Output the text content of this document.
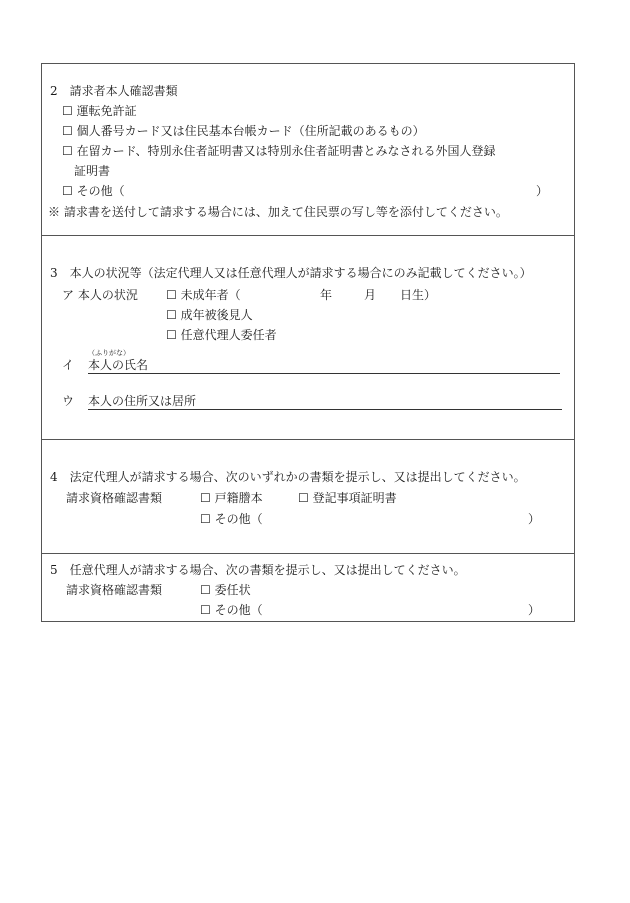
2　請求者本人確認書類
☐ 運転免許証
☐ 個人番号カード又は住民基本台帳カード（住所記載のあるもの）
☐ 在留カード、特別永住者証明書又は特別永住者証明書とみなされる外国人登録
証明書
☐ その他（	）
※ 請求書を送付して請求する場合には、加えて住民票の写し等を添付してください。
3　本人の状況等（法定代理人又は任意代理人が請求する場合にのみ記載してください。）
ア 本人の状況 ☐ 未成年者（	年	月 日生）
☐ 成年被後見人
☐ 任意代理人委任者
（ふりがな）
イ 本人の氏名
ウ 本人の住所又は居所
4　法定代理人が請求する場合、次のいずれかの書類を提示し、又は提出してください。
請求資格確認書類	☐ 戸籍謄本	☐ 登記事項証明書
☐ その他（	）
5　任意代理人が請求する場合、次の書類を提示し、又は提出してください。
請求資格確認書類	☐ 委任状
☐ その他（	）
